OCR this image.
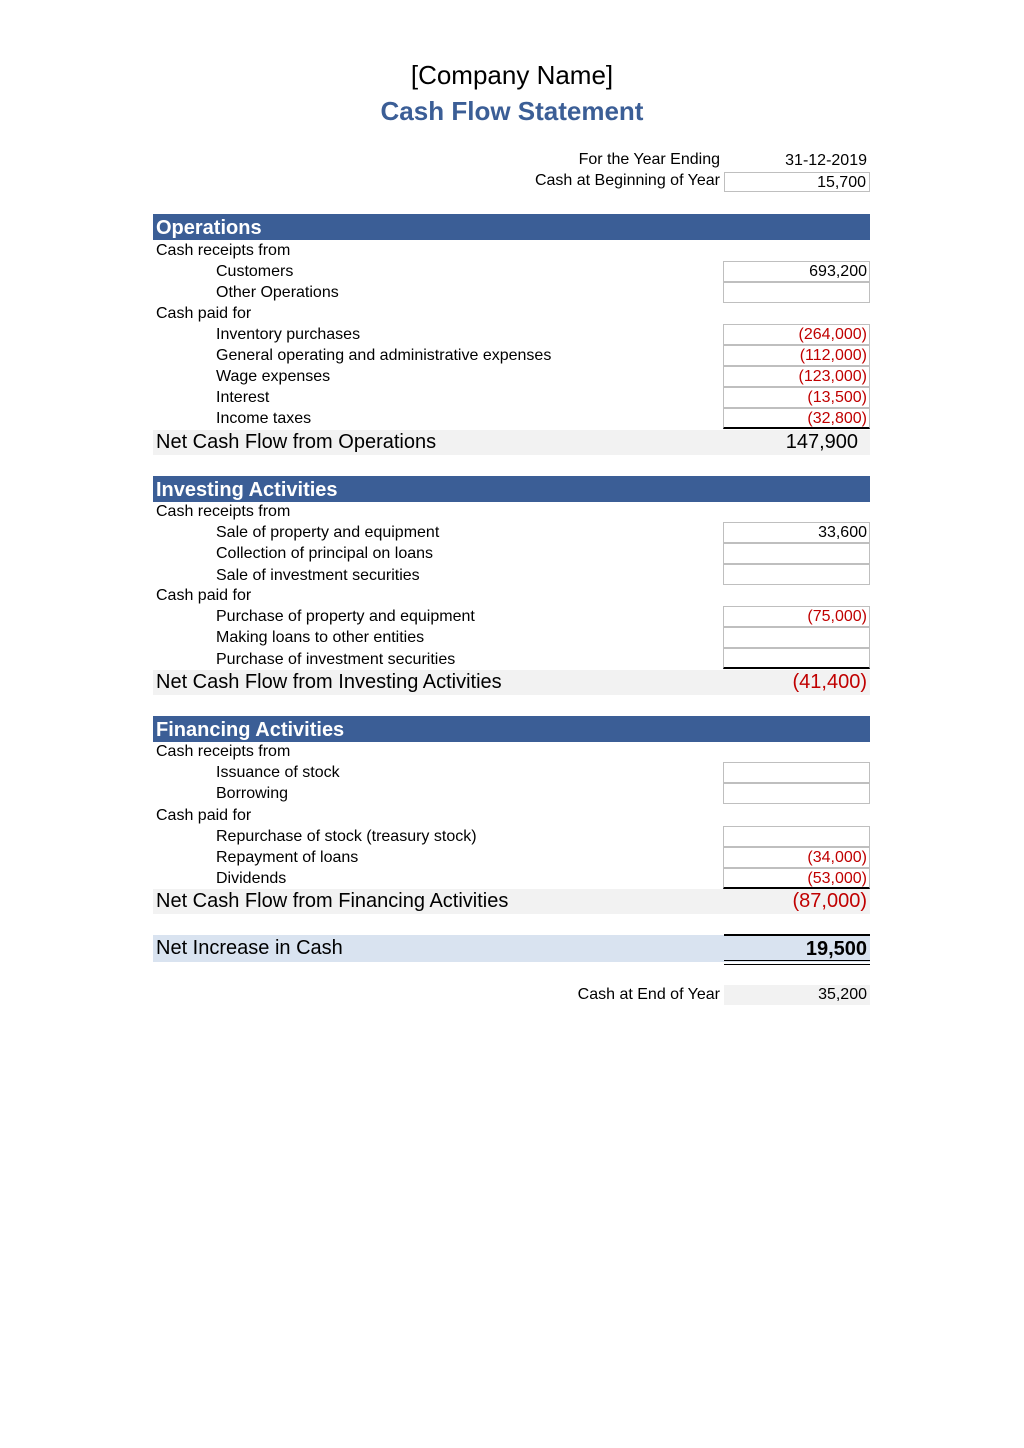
[Company Name]
Cash Flow Statement
For the Year Ending	31-12-2019
Cash at Beginning of Year	15,700
Operations
Cash receipts from
Customers	693,200
Other Operations
Cash paid for
Inventory purchases	(264,000)
General operating and administrative expenses	(112,000)
Wage expenses	(123,000)
Interest	(13,500)
Income taxes	(32,800)
Net Cash Flow from Operations	147,900
Investing Activities
Cash receipts from
Sale of property and equipment	33,600
Collection of principal on loans
Sale of investment securities
Cash paid for
Purchase of property and equipment	(75,000)
Making loans to other entities
Purchase of investment securities
Net Cash Flow from Investing Activities	(41,400)
Financing Activities
Cash receipts from
Issuance of stock
Borrowing
Cash paid for
Repurchase of stock (treasury stock)
Repayment of loans	(34,000)
Dividends	(53,000)
Net Cash Flow from Financing Activities	(87,000)
Net Increase in Cash	19,500
Cash at End of Year	35,200
